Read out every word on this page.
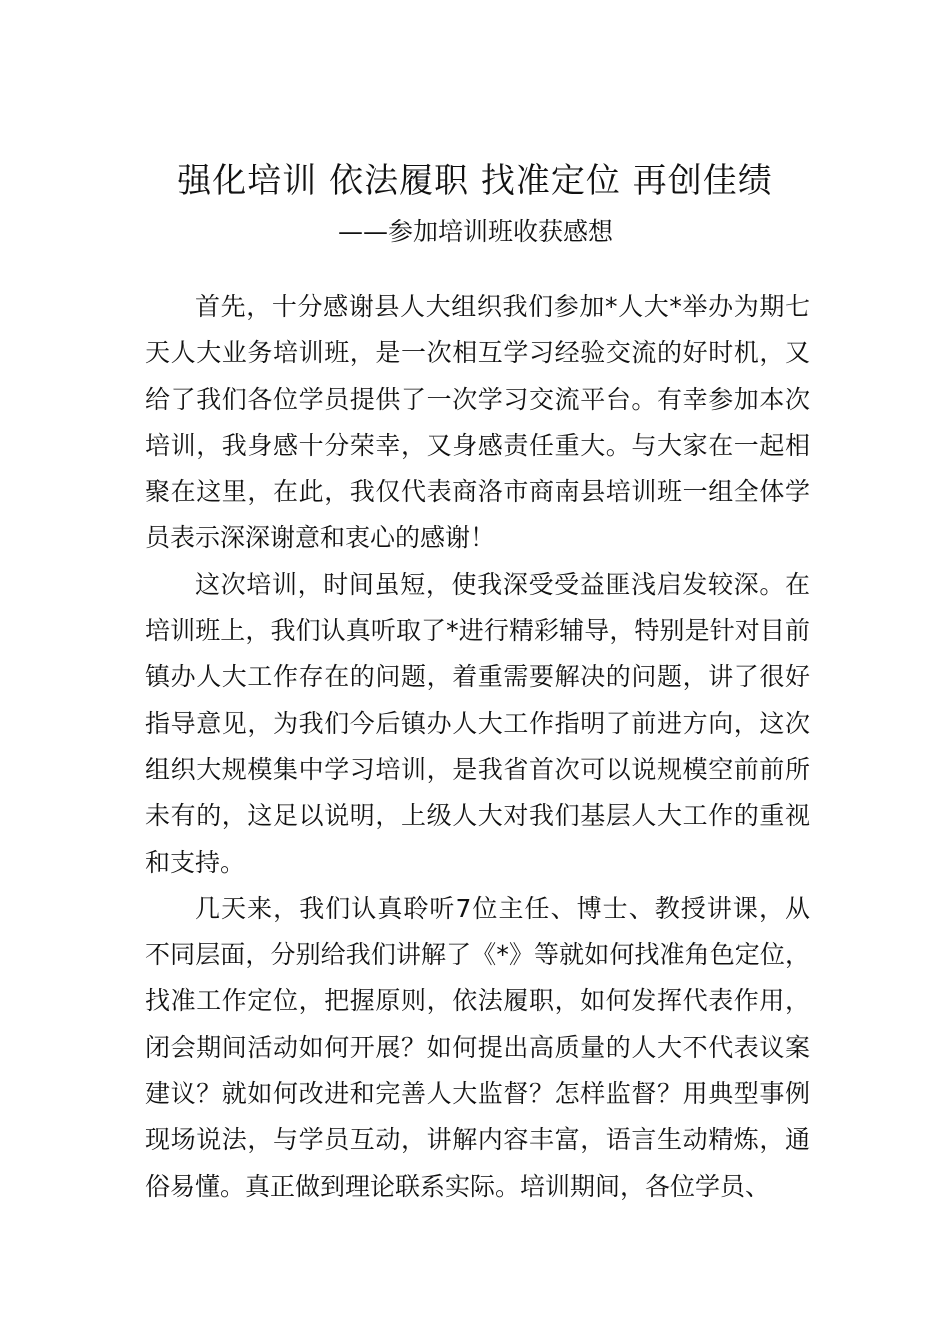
强化培训 依法履职 找准定位 再创佳绩
——参加培训班收获感想

首先，十分感谢县人大组织我们参加*人大*举办为期七天人大业务培训班，是一次相互学习经验交流的好时机，又给了我们各位学员提供了一次学习交流平台。有幸参加本次培训，我身感十分荣幸，又身感责任重大。与大家在一起相聚在这里，在此，我仅代表商洛市商南县培训班一组全体学员表示深深谢意和衷心的感谢！

这次培训，时间虽短，使我深受受益匪浅启发较深。在培训班上，我们认真听取了*进行精彩辅导，特别是针对目前镇办人大工作存在的问题，着重需要解决的问题，讲了很好指导意见，为我们今后镇办人大工作指明了前进方向，这次组织大规模集中学习培训，是我省首次可以说规模空前前所未有的，这足以说明，上级人大对我们基层人大工作的重视和支持。

几天来，我们认真聆听7位主任、博士、教授讲课，从不同层面，分别给我们讲解了《*》等就如何找准角色定位，找准工作定位，把握原则，依法履职，如何发挥代表作用，闭会期间活动如何开展？如何提出高质量的人大不代表议案建议？就如何改进和完善人大监督？怎样监督？用典型事例现场说法，与学员互动，讲解内容丰富，语言生动精炼，通俗易懂。真正做到理论联系实际。培训期间，各位学员、
